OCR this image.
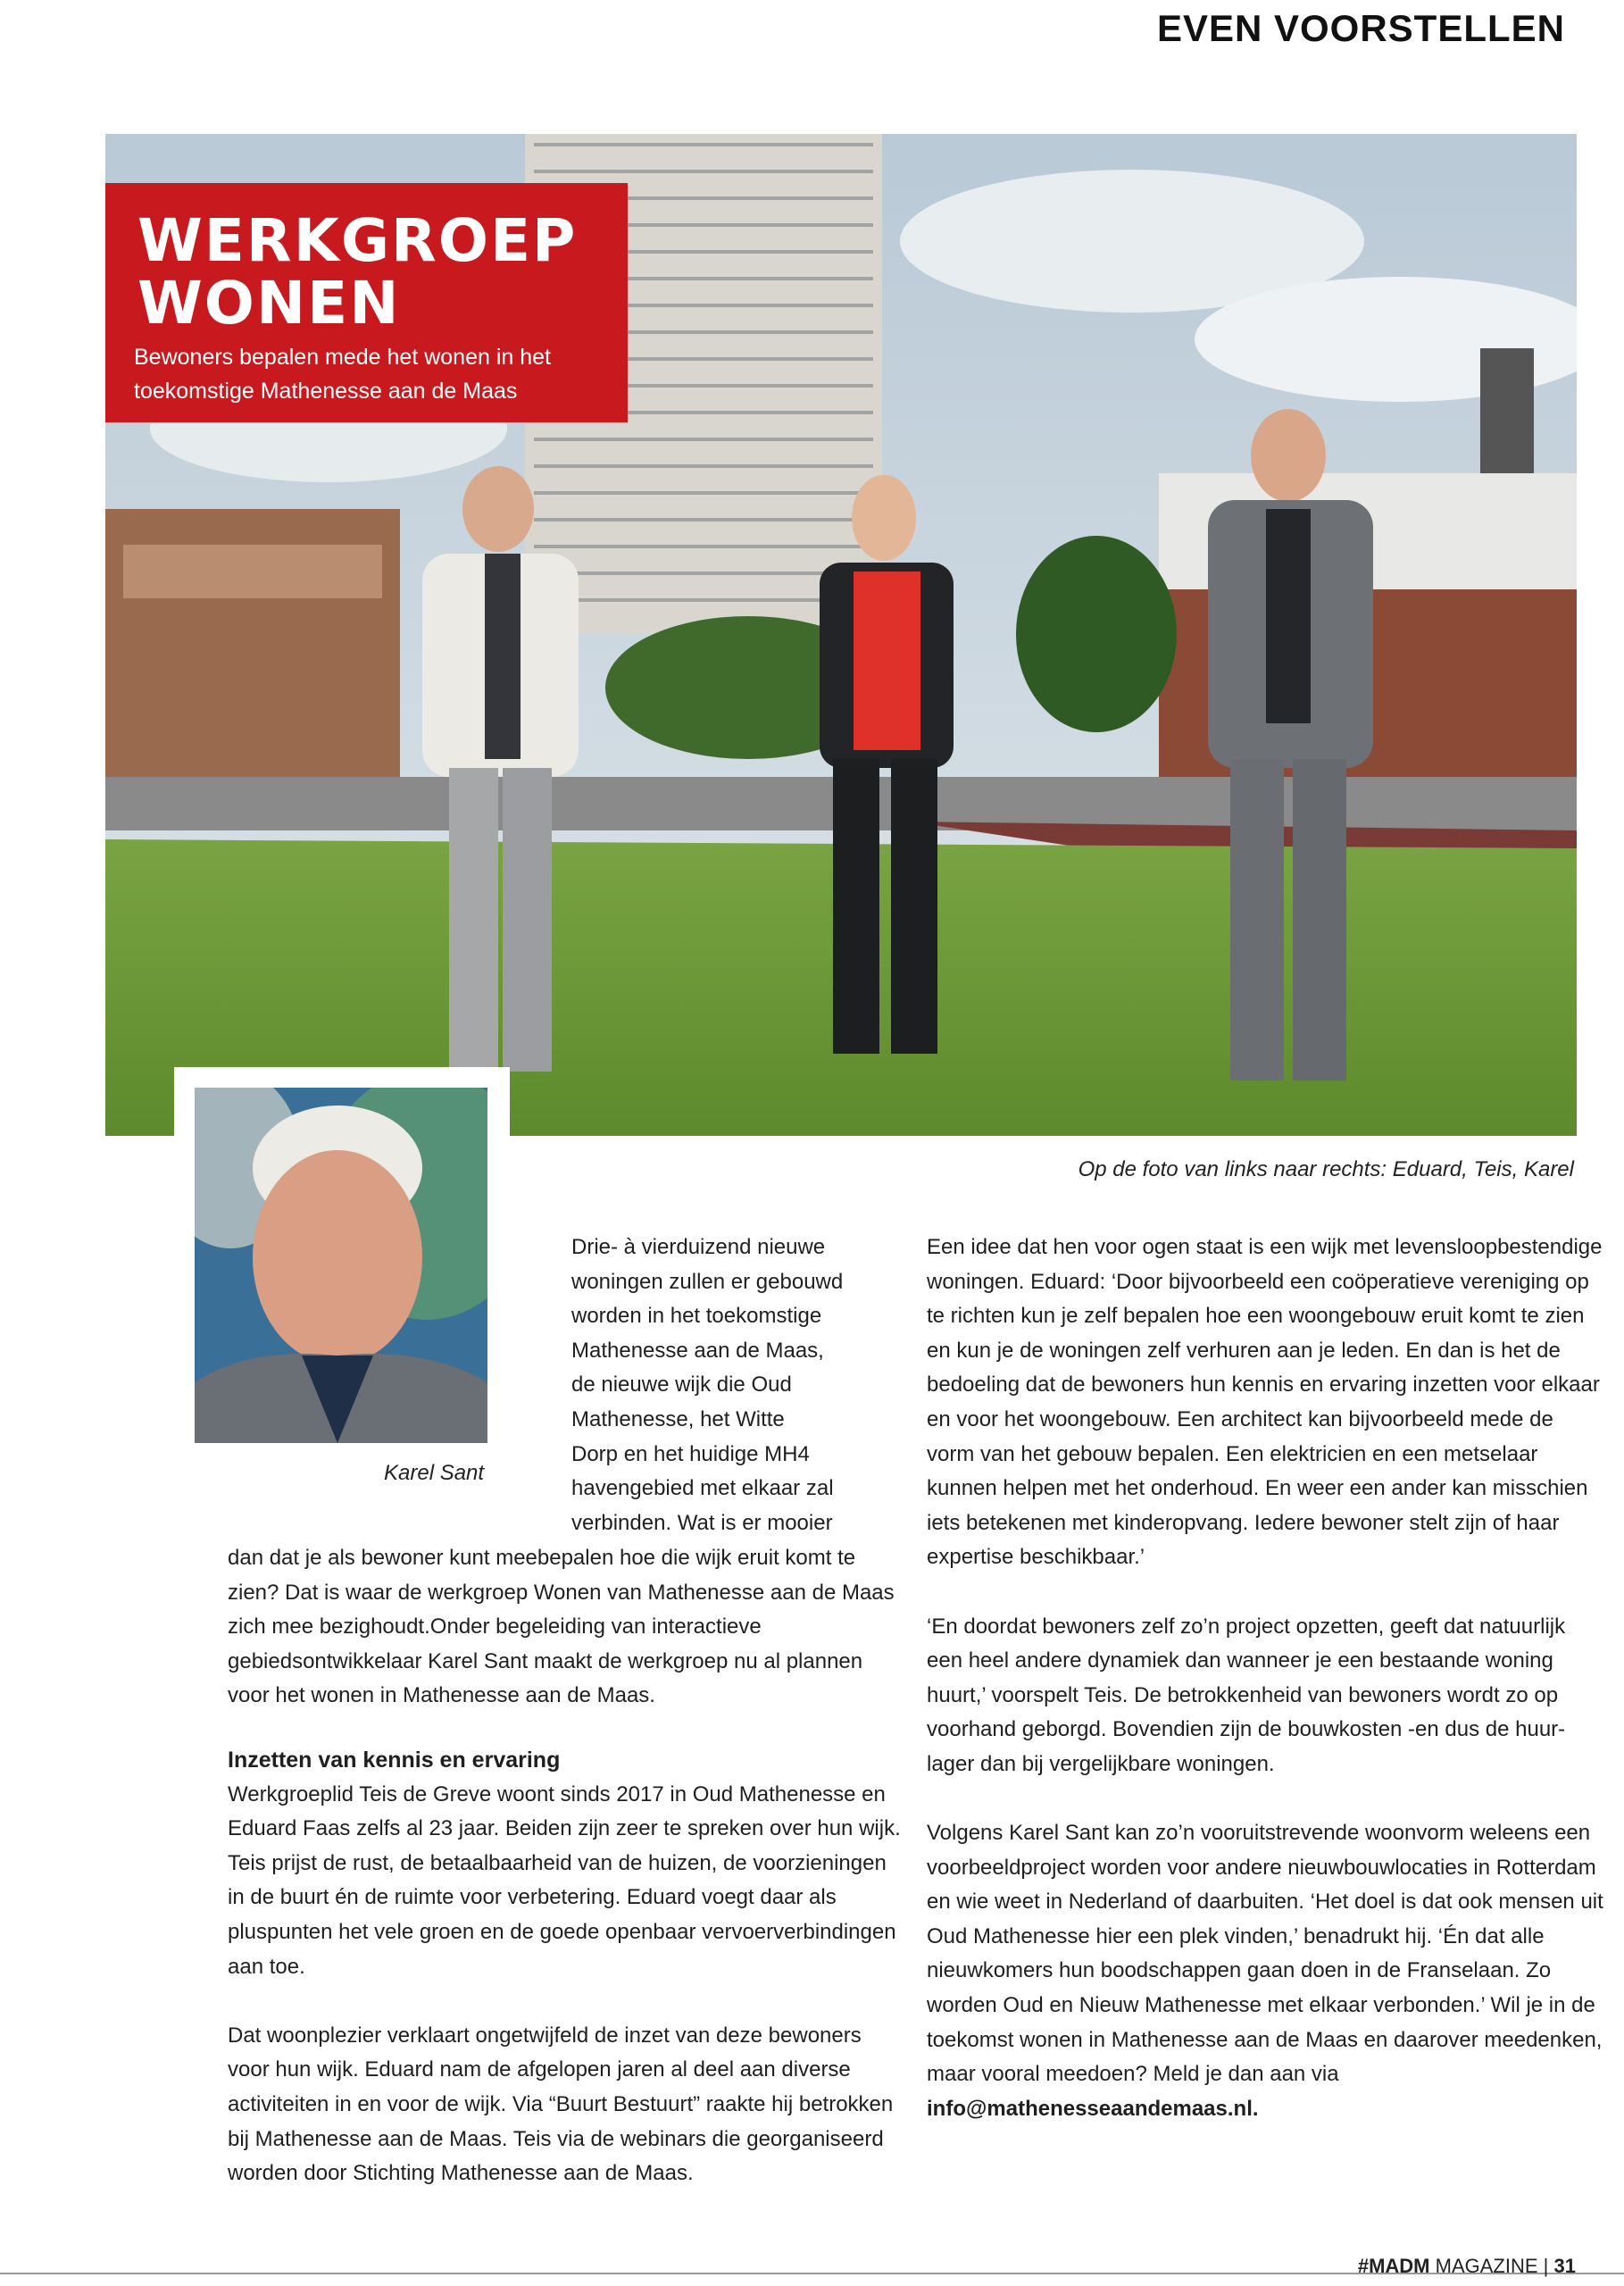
EVEN VOORSTELLEN
WERKGROEP
WONEN
Bewoners bepalen mede het wonen in het toekomstige Mathenesse aan de Maas
Op de foto van links naar rechts: Eduard, Teis, Karel
Karel Sant
Drie- à vierduizend nieuwe
woningen zullen er gebouwd
worden in het toekomstige
Mathenesse aan de Maas,
de nieuwe wijk die Oud
Mathenesse, het Witte
Dorp en het huidige MH4
havengebied met elkaar zal
verbinden. Wat is er mooier
dan dat je als bewoner kunt meebepalen hoe die wijk eruit komt te zien? Dat is waar de werkgroep Wonen van Mathenesse aan de Maas zich mee bezighoudt.Onder begeleiding van interactieve gebiedsontwikkelaar Karel Sant maakt de werkgroep nu al plannen voor het wonen in Mathenesse aan de Maas.
Inzetten van kennis en ervaring

Werkgroeplid Teis de Greve woont sinds 2017 in Oud Mathenesse en Eduard Faas zelfs al 23 jaar. Beiden zijn zeer te spreken over hun wijk. Teis prijst de rust, de betaalbaarheid van de huizen, de voorzieningen in de buurt én de ruimte voor verbetering. Eduard voegt daar als pluspunten het vele groen en de goede openbaar vervoerverbindingen aan toe.

Dat woonplezier verklaart ongetwijfeld de inzet van deze bewoners voor hun wijk. Eduard nam de afgelopen jaren al deel aan diverse activiteiten in en voor de wijk. Via “Buurt Bestuurt” raakte hij betrokken bij Mathenesse aan de Maas. Teis via de webinars die georganiseerd worden door Stichting Mathenesse aan de Maas.

Een idee dat hen voor ogen staat is een wijk met levensloopbestendige woningen. Eduard: ‘Door bijvoorbeeld een coöperatieve vereniging op te richten kun je zelf bepalen hoe een woongebouw eruit komt te zien en kun je de woningen zelf verhuren aan je leden. En dan is het de bedoeling dat de bewoners hun kennis en ervaring inzetten voor elkaar en voor het woongebouw. Een architect kan bijvoorbeeld mede de vorm van het gebouw bepalen. Een elektricien en een metselaar kunnen helpen met het onderhoud. En weer een ander kan misschien iets betekenen met kinderopvang. Iedere bewoner stelt zijn of haar expertise beschikbaar.’

‘En doordat bewoners zelf zo’n project opzetten, geeft dat natuurlijk een heel andere dynamiek dan wanneer je een bestaande woning huurt,’ voorspelt Teis. De betrokkenheid van bewoners wordt zo op voorhand geborgd. Bovendien zijn de bouwkosten -en dus de huur- lager dan bij vergelijkbare woningen.

Volgens Karel Sant kan zo’n vooruitstrevende woonvorm weleens een voorbeeldproject worden voor andere nieuwbouwlocaties in Rotterdam en wie weet in Nederland of daarbuiten. ‘Het doel is dat ook mensen uit Oud Mathenesse hier een plek vinden,’ benadrukt hij. ‘Én dat alle nieuwkomers hun boodschappen gaan doen in de Franselaan. Zo worden Oud en Nieuw Mathenesse met elkaar verbonden.’ Wil je in de toekomst wonen in Mathenesse aan de Maas en daarover meedenken, maar vooral meedoen? Meld je dan aan via info@mathenesseaandemaas.nl.

#MADM MAGAZINE | 31
